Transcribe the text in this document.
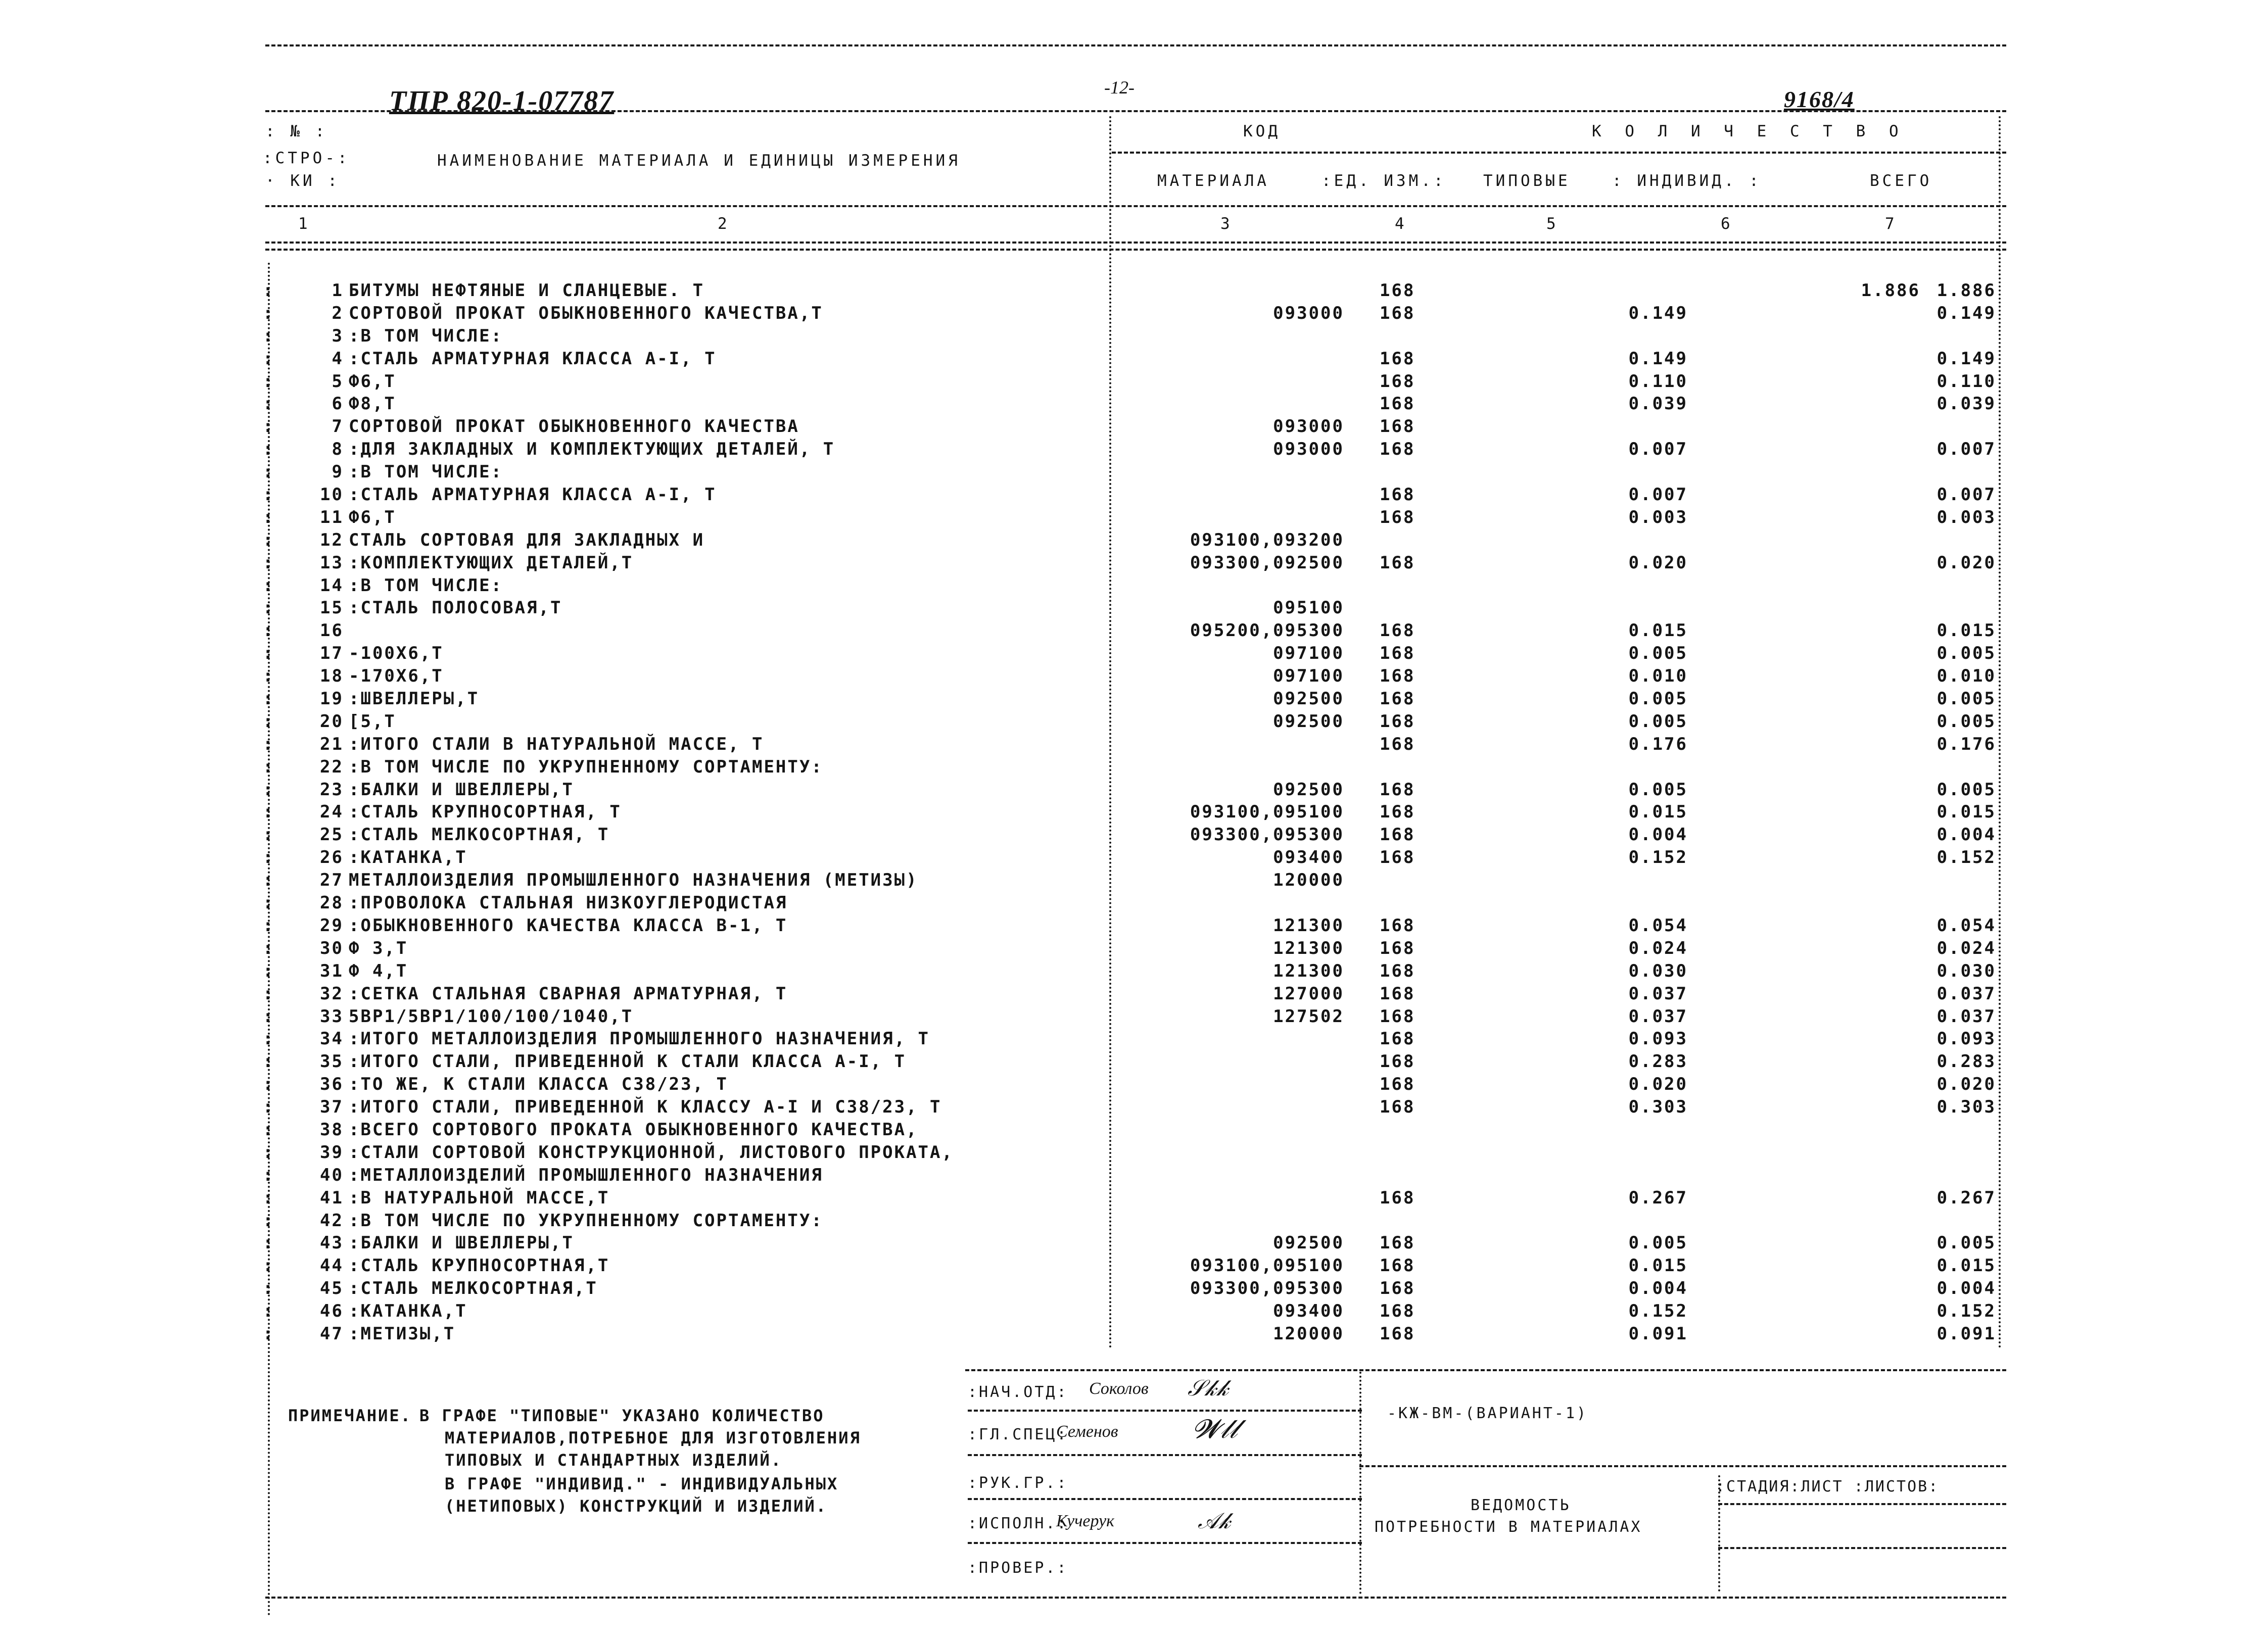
ТПР 820-1-07787	-12-	9168/4
: № :
:СТРО-:
· КИ :
НАИМЕНОВАНИЕ МАТЕРИАЛА И ЕДИНИЦЫ ИЗМЕРЕНИЯ
КОД	К О Л И Ч Е С Т В О
МАТЕРИАЛА	:ЕД. ИЗМ.: ТИПОВЫЕ	: ИНДИВИД. :	ВСЕГО
1	2	3	4	5	6	7
:	1 БИТУМЫ НЕФТЯНЫЕ И СЛАНЦЕВЫЕ. Т	168	1.886 1.886
:	2 СОРТОВОЙ ПРОКАТ ОБЫКНОВЕННОГО КАЧЕСТВА,Т	093000 168	0.149	0.149
:	3 :В ТОМ ЧИСЛЕ:
:	4 :СТАЛЬ АРМАТУРНАЯ КЛАССА А-I, Т	168	0.149	0.149
:	5 Ф6,Т	168	0.110	0.110
:	6 Ф8,Т	168	0.039	0.039
:	7 СОРТОВОЙ ПРОКАТ ОБЫКНОВЕННОГО КАЧЕСТВА	093000 168
:	8 :ДЛЯ ЗАКЛАДНЫХ И КОМПЛЕКТУЮЩИХ ДЕТАЛЕЙ, Т	093000 168	0.007	0.007
:	9 :В ТОМ ЧИСЛЕ:
:	10 :СТАЛЬ АРМАТУРНАЯ КЛАССА А-I, Т	168	0.007	0.007
:	11 Ф6,Т	168	0.003	0.003
:	12 СТАЛЬ СОРТОВАЯ ДЛЯ ЗАКЛАДНЫХ И	093100,093200
:	13 :КОМПЛЕКТУЮЩИХ ДЕТАЛЕЙ,Т	093300,092500 168	0.020	0.020
:	14 :В ТОМ ЧИСЛЕ:
:	15 :СТАЛЬ ПОЛОСОВАЯ,Т	095100
:	16	095200,095300 168	0.015	0.015
:	17 -100Х6,Т	097100 168	0.005	0.005
:	18 -170Х6,Т	097100 168	0.010	0.010
:	19 :ШВЕЛЛЕРЫ,Т	092500 168	0.005	0.005
:	20 [5,Т	092500 168	0.005	0.005
:	21 :ИТОГО СТАЛИ В НАТУРАЛЬНОЙ МАССЕ, Т	168	0.176	0.176
:	22 :В ТОМ ЧИСЛЕ ПО УКРУПНЕННОМУ СОРТАМЕНТУ:
:	23 :БАЛКИ И ШВЕЛЛЕРЫ,Т	092500 168	0.005	0.005
:	24 :СТАЛЬ КРУПНОСОРТНАЯ, Т	093100,095100 168	0.015	0.015
:	25 :СТАЛЬ МЕЛКОСОРТНАЯ, Т	093300,095300 168	0.004	0.004
:	26 :КАТАНКА,Т	093400 168	0.152	0.152
:	27 МЕТАЛЛОИЗДЕЛИЯ ПРОМЫШЛЕННОГО НАЗНАЧЕНИЯ (МЕТИЗЫ)	120000
:	28 :ПРОВОЛОКА СТАЛЬНАЯ НИЗКОУГЛЕРОДИСТАЯ
:	29 :ОБЫКНОВЕННОГО КАЧЕСТВА КЛАССА В-1, Т	121300 168	0.054	0.054
:	30 Ф 3,Т	121300 168	0.024	0.024
:	31 Ф 4,Т	121300 168	0.030	0.030
:	32 :СЕТКА СТАЛЬНАЯ СВАРНАЯ АРМАТУРНАЯ, Т	127000 168	0.037	0.037
:	33 5ВР1/5ВР1/100/100/1040,Т	127502 168	0.037	0.037
:	34 :ИТОГО МЕТАЛЛОИЗДЕЛИЯ ПРОМЫШЛЕННОГО НАЗНАЧЕНИЯ, Т	168	0.093	0.093
:	35 :ИТОГО СТАЛИ, ПРИВЕДЕННОЙ К СТАЛИ КЛАССА А-I, Т	168	0.283	0.283
:	36 :ТО ЖЕ, К СТАЛИ КЛАССА С38/23, Т	168	0.020	0.020
:	37 :ИТОГО СТАЛИ, ПРИВЕДЕННОЙ К КЛАССУ А-I И С38/23, Т	168	0.303	0.303
:	38 :ВСЕГО СОРТОВОГО ПРОКАТА ОБЫКНОВЕННОГО КАЧЕСТВА,
:	39 :СТАЛИ СОРТОВОЙ КОНСТРУКЦИОННОЙ, ЛИСТОВОГО ПРОКАТА,
:	40 :МЕТАЛЛОИЗДЕЛИЙ ПРОМЫШЛЕННОГО НАЗНАЧЕНИЯ
:	41 :В НАТУРАЛЬНОЙ МАССЕ,Т	168	0.267	0.267
:	42 :В ТОМ ЧИСЛЕ ПО УКРУПНЕННОМУ СОРТАМЕНТУ:
:	43 :БАЛКИ И ШВЕЛЛЕРЫ,Т	092500 168	0.005	0.005
:	44 :СТАЛЬ КРУПНОСОРТНАЯ,Т	093100,095100 168	0.015	0.015
:	45 :СТАЛЬ МЕЛКОСОРТНАЯ,Т	093300,095300 168	0.004	0.004
:	46 :КАТАНКА,Т	093400 168	0.152	0.152
:	47 :МЕТИЗЫ,Т	120000 168	0.091	0.091
ПРИМЕЧАНИЕ. В ГРАФЕ "ТИПОВЫЕ" УКАЗАНО КОЛИЧЕСТВО
МАТЕРИАЛОВ,ПОТРЕБНОЕ ДЛЯ ИЗГОТОВЛЕНИЯ
ТИПОВЫХ И СТАНДАРТНЫХ ИЗДЕЛИЙ.
В ГРАФЕ "ИНДИВИД." - ИНДИВИДУАЛЬНЫХ
(НЕТИПОВЫХ) КОНСТРУКЦИЙ И ИЗДЕЛИЙ.
:НАЧ.ОТД: Соколов 𝒮𝓀𝓀
:ГЛ.СПЕЦ:
Семенов	𝓦𝓁𝓁
:РУК.ГР.:
:ИСПОЛН.:
Кучерук	𝒜𝓀
:ПРОВЕР.:
-КЖ-ВМ-(ВАРИАНТ-1)
ВЕДОМОСТЬ
ПОТРЕБНОСТИ В МАТЕРИАЛАХ
:СТАДИЯ:ЛИСТ :ЛИСТОВ:
